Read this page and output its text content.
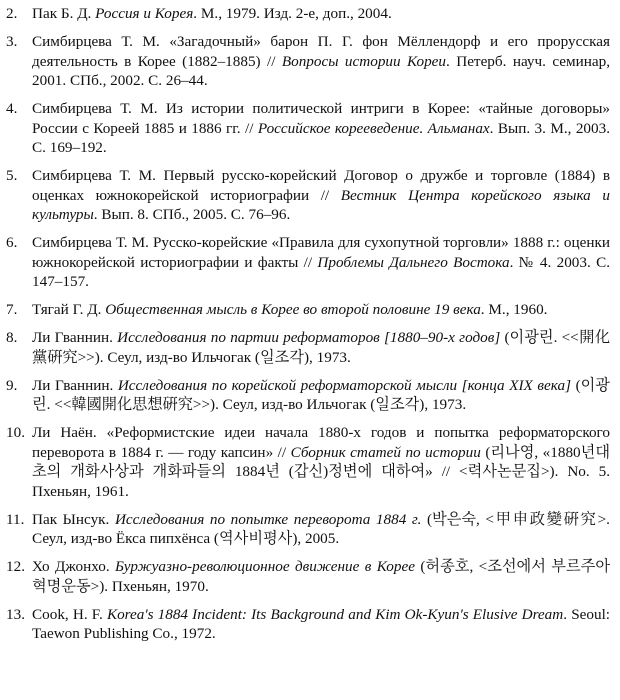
2. Пак Б. Д. Россия и Корея. М., 1979. Изд. 2-е, доп., 2004.
3. Симбирцева Т. М. «Загадочный» барон П. Г. фон Мёллендорф и его прорусская деятельность в Корее (1882–1885) // Вопросы истории Кореи. Петерб. науч. семинар, 2001. СПб., 2002. С. 26–44.
4. Симбирцева Т. М. Из истории политической интриги в Корее: «тайные договоры» России с Кореей 1885 и 1886 гг. // Российское корееведение. Альманах. Вып. 3. М., 2003. С. 169–192.
5. Симбирцева Т. М. Первый русско-корейский Договор о дружбе и торговле (1884) в оценках южнокорейской историографии // Вестник Центра корейского языка и культуры. Вып. 8. СПб., 2005. С. 76–96.
6. Симбирцева Т. М. Русско-корейские «Правила для сухопутной торговли» 1888 г.: оценки южнокорейской историографии и факты // Проблемы Дальнего Востока. № 4. 2003. С. 147–157.
7. Тягай Г. Д. Общественная мысль в Корее во второй половине 19 века. М., 1960.
8. Ли Гваннин. Исследования по партии реформаторов [1880–90-х годов] (이광린. <<開化黨硏究>>). Сеул, изд-во Ильчогак (일조각), 1973.
9. Ли Гваннин. Исследования по корейской реформаторской мысли [конца XIX века] (이광린. <<韓國開化思想硏究>>). Сеул, изд-во Ильчогак (일조각), 1973.
10. Ли Наён. «Реформистские идеи начала 1880-х годов и попытка реформаторского переворота в 1884 г. — году капсин» // Сборник статей по истории (리나영, «1880년대 초의 개화사상과 개화파들의 1884년 (갑신)정변에 대하여» // <력사논문집>). No. 5. Пхеньян, 1961.
11. Пак Ынсук. Исследования по попытке переворота 1884 г. (박은숙, <甲申政變硏究>. Сеул, изд-во Ёкса пипхёнса (역사비평사), 2005.
12. Хо Джонхо. Буржуазно-революционное движение в Корее (허종호, <조선에서 부르주아혁명운동>). Пхеньян, 1970.
13. Cook, H. F. Korea's 1884 Incident: Its Background and Kim Ok-Kyun's Elusive Dream. Seoul: Taewon Publishing Co., 1972.
